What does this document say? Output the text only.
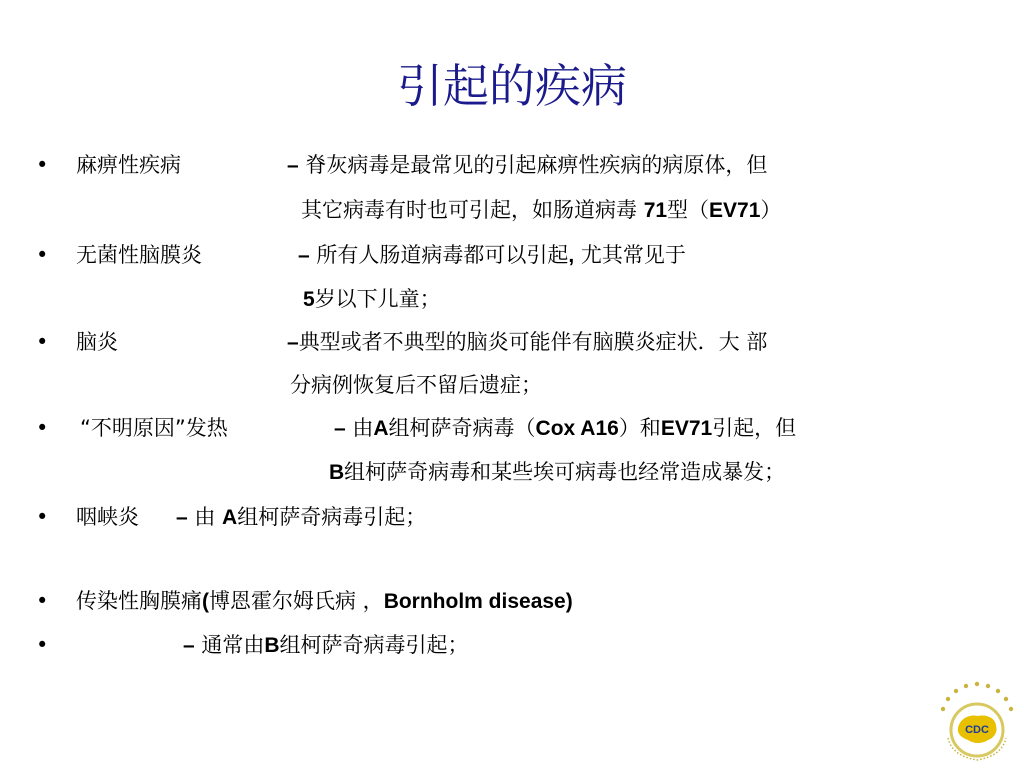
引起的疾病
• 麻痹性疾病	– 脊灰病毒是最常见的引起麻痹性疾病的病原体，但
其它病毒有时也可引起，如肠道病毒 71型（EV71）
• 无菌性脑膜炎	– 所有人肠道病毒都可以引起, 尤其常见于
5岁以下儿童；
• 脑炎	–典型或者不典型的脑炎可能伴有脑膜炎症状．大 部
分病例恢复后不留后遗症；
• “不明原因”发热	– 由A组柯萨奇病毒（Cox A16）和EV71引起，但
B组柯萨奇病毒和某些埃可病毒也经常造成暴发；
• 咽峡炎 – 由 A组柯萨奇病毒引起；
• 传染性胸膜痛(博恩霍尔姆氏病 ，Bornholm disease)
•	– 通常由B组柯萨奇病毒引起；
CDC
